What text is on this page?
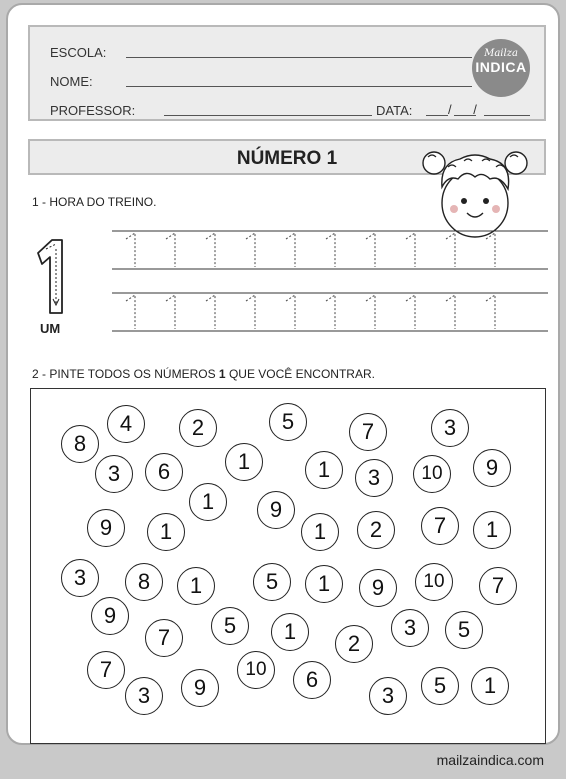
ESCOLA:
NOME:
PROFESSOR:	DATA:	/      /
Mailza
INDICA
NÚMERO 1
1 - HORA DO TREINO.
UM
2 - PINTE TODOS OS NÚMEROS 1 QUE VOCÊ ENCONTRAR.
8
4	2	5	7	3
3	6	1	1	3	10	9
9	1
1	9
1	2	7	1
3	8	1	5	1	9	10	7
9
7	5	1	2
3	5
7
3	9
10	6
3	5	1
mailzaindica.com
